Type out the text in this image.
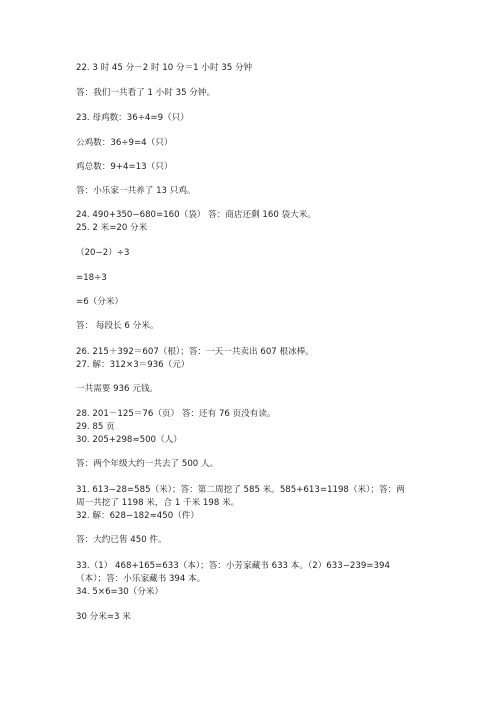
22. 3 时 45 分－2 时 10 分＝1 小时 35 分钟
答：我们一共看了 1 小时 35 分钟。
23. 母鸡数：36÷4=9（只）
公鸡数：36÷9=4（只）
鸡总数：9+4=13（只）
答：小乐家一共养了 13 只鸡。
24. 490+350−680=160（袋） 答：商店还剩 160 袋大米。
25. 2 米=20 分米
（20−2）÷3
=18÷3
=6（分米）
答： 每段长 6 分米。
26. 215＋392＝607（根）；答：一天一共卖出 607 根冰棒。
27. 解：312×3＝936（元）
一共需要 936 元钱。
28. 201－125＝76（页） 答：还有 76 页没有读。
29. 85 页
30. 205+298≈500（人）
答：两个年级大约一共去了 500 人。
31. 613−28=585（米）；答：第二周挖了 585 米。585+613=1198（米）；答：两
周一共挖了 1198 米，合 1 千米 198 米。
32. 解：628−182≈450（件）
答：大约已售 450 件。
33.（1） 468+165=633（本）；答：小芳家藏书 633 本。（2）633−239=394
（本）；答：小乐家藏书 394 本。
34. 5×6=30（分米）
30 分米=3 米
